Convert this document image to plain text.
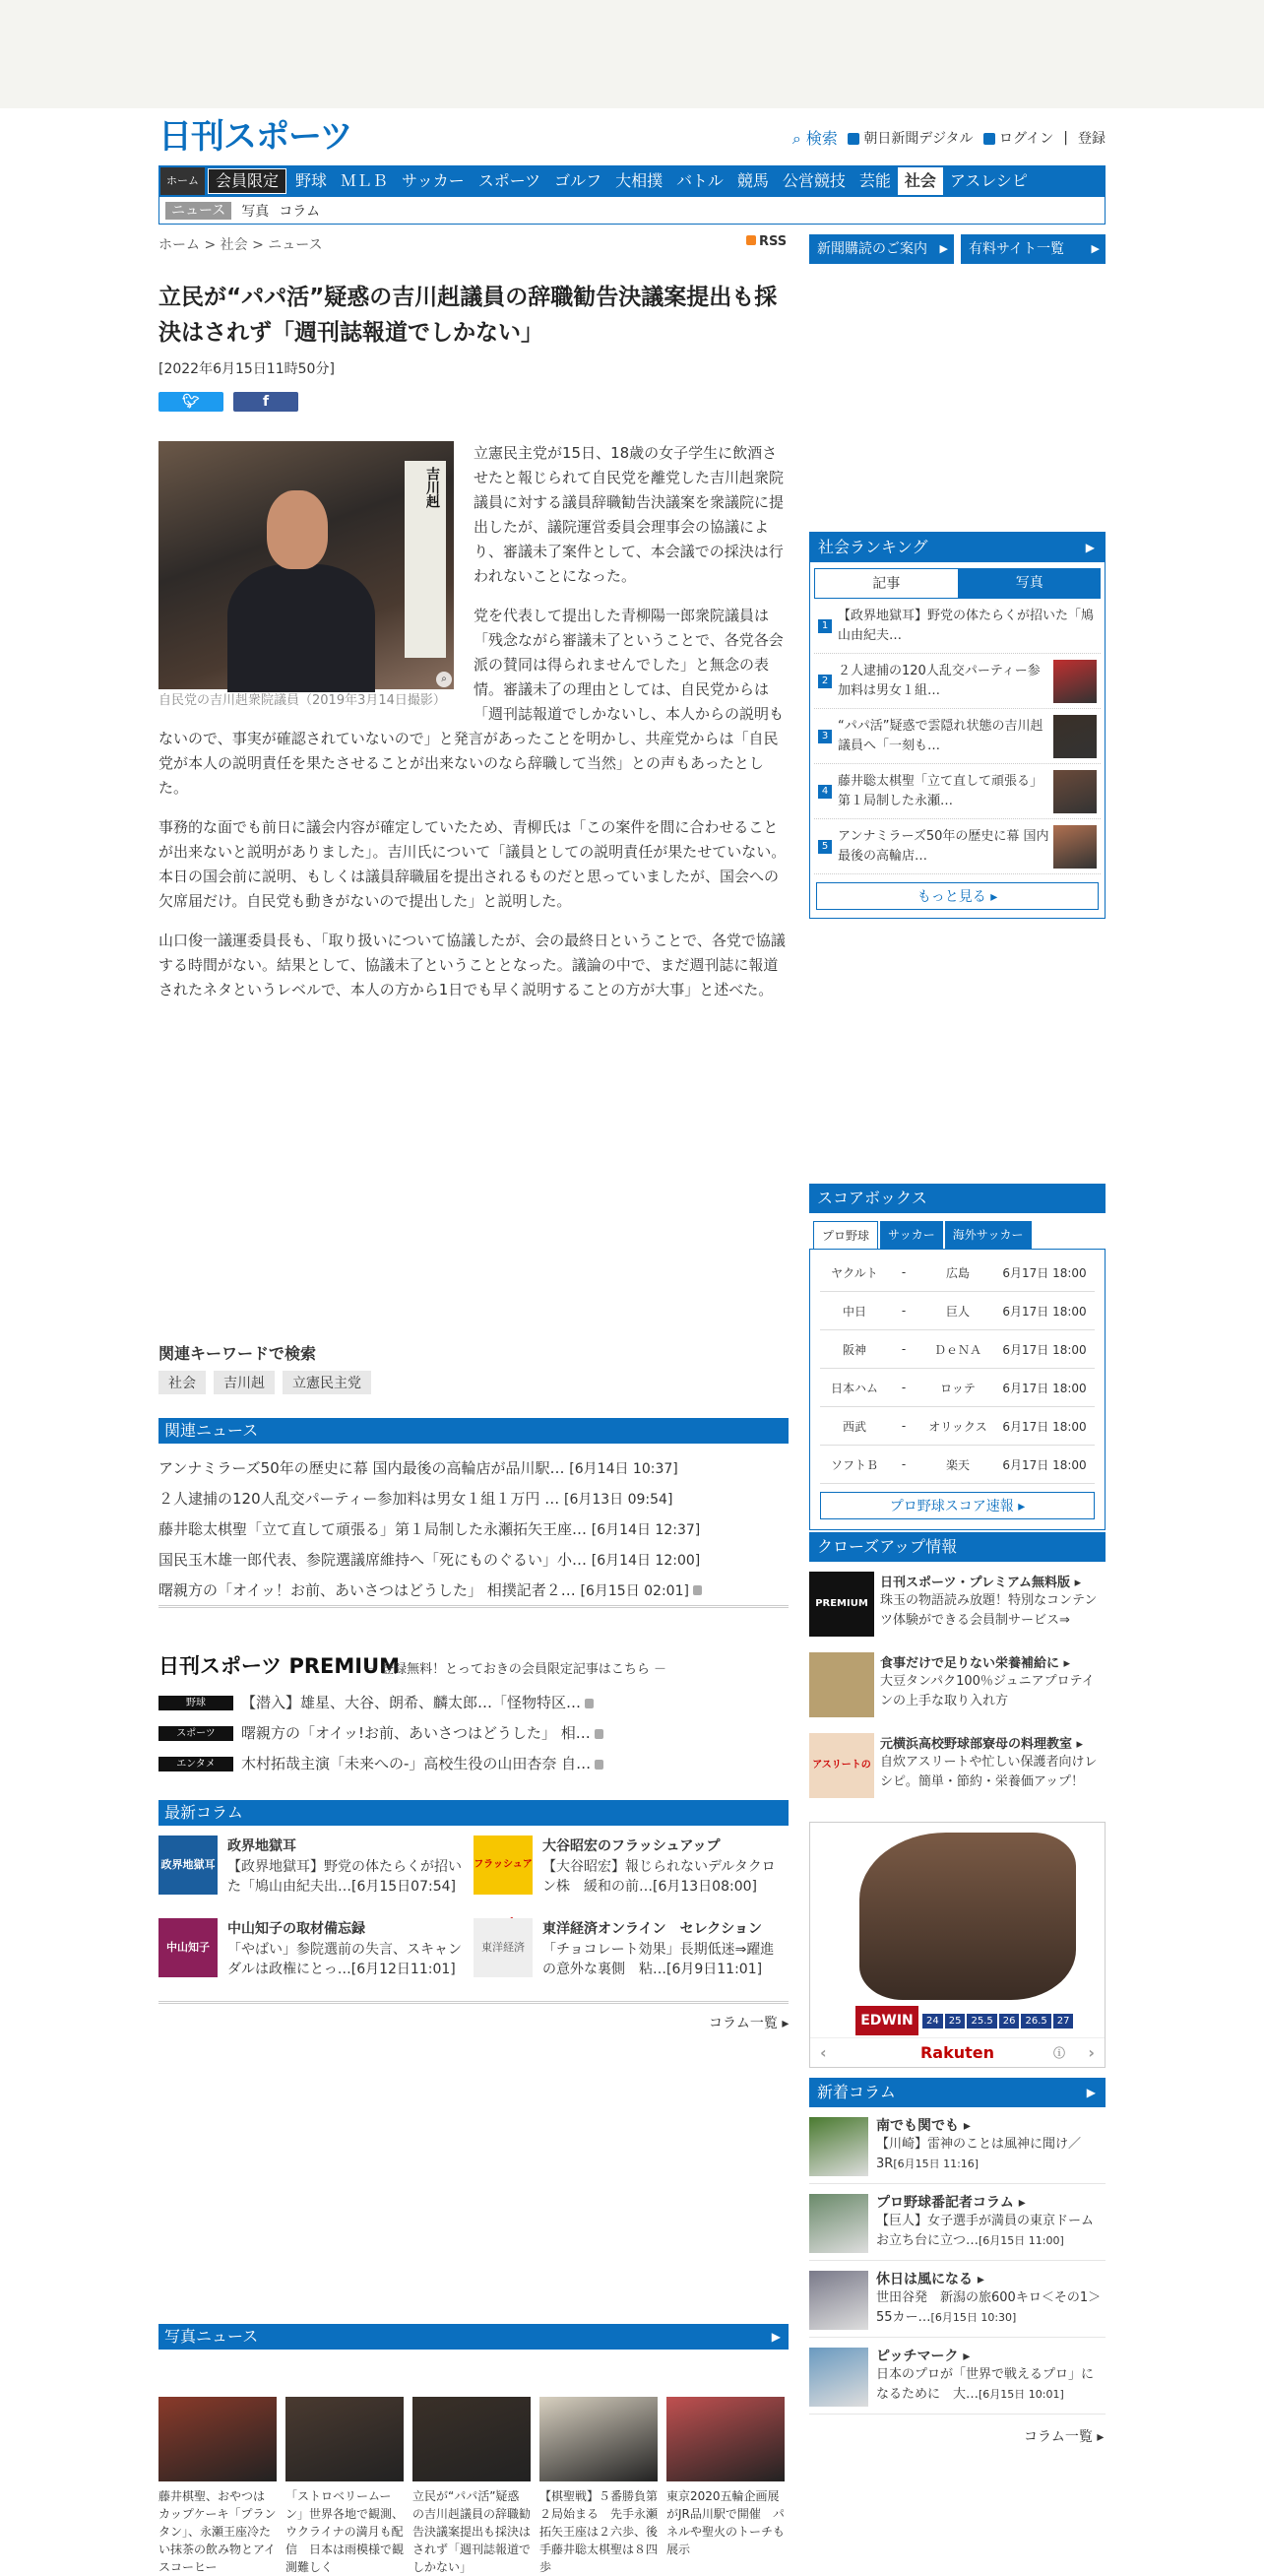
日刊スポーツ	⌕ 検索	朝日新聞デジタル	ログイン | 登録
ホーム	会員限定	野球 ＭＬＢ サッカー スポーツ ゴルフ 大相撲 バトル 競馬 公営競技 芸能 社会 アスレシピ
ニュース	写真 コラム
ホーム > 社会 > ニュース	RSS
立民が“パパ活”疑惑の吉川赳議員の辞職勧告決議案提出も採決はされず「週刊誌報道でしかない」
[2022年6月15日11時50分]
🐦︎	f
吉川赳
⌕
自民党の吉川赳衆院議員（2019年3月14日撮影）

立憲民主党が15日、18歳の女子学生に飲酒させたと報じられて自民党を離党した吉川赳衆院議員に対する議員辞職勧告決議案を衆議院に提出したが、議院運営委員会理事会の協議により、審議未了案件として、本会議での採決は行われないことになった。

党を代表して提出した青柳陽一郎衆院議員は「残念ながら審議未了ということで、各党各会派の賛同は得られませんでした」と無念の表情。審議未了の理由としては、自民党からは「週刊誌報道でしかないし、本人からの説明もないので、事実が確認されていないので」と発言があったことを明かし、共産党からは「自民党が本人の説明責任を果たさせることが出来ないのなら辞職して当然」との声もあったとした。

事務的な面でも前日に議会内容が確定していたため、青柳氏は「この案件を間に合わせることが出来ないと説明がありました」。吉川氏について「議員としての説明責任が果たせていない。本日の国会前に説明、もしくは議員辞職届を提出されるものだと思っていましたが、国会への欠席届だけ。自民党も動きがないので提出した」と説明した。

山口俊一議運委員長も、「取り扱いについて協議したが、会の最終日ということで、各党で協議する時間がない。結果として、協議未了ということとなった。議論の中で、まだ週刊誌に報道されたネタというレベルで、本人の方から1日でも早く説明することの方が大事」と述べた。

関連キーワードで検索
社会	吉川赳	立憲民主党
関連ニュース
アンナミラーズ50年の歴史に幕 国内最後の高輪店が品川駅… [6月14日 10:37]
２人逮捕の120人乱交パーティー参加料は男女１組１万円 … [6月13日 09:54]
藤井聡太棋聖「立て直して頑張る」第１局制した永瀬拓矢王座… [6月14日 12:37]
国民玉木雄一郎代表、参院選議席維持へ「死にものぐるい」小… [6月14日 12:00]
曙親方の「オイッ！お前、あいさつはどうした」 相撲記者２… [6月15日 02:01]
日刊スポーツ PREMIUM
－ 登録無料！とっておきの会員限定記事はこちら －
野球	【潜入】雄星、大谷、朗希、麟太郎…「怪物特区…
スポーツ	曙親方の「オイッ!お前、あいさつはどうした」 相…
エンタメ	木村拓哉主演「未来への-」高校生役の山田杏奈 自…
最新コラム
政界地獄耳
政界地獄耳
【政界地獄耳】野党の体たらくが招いた「鳩山由紀夫出…[6月15日07:54]
フラッシュア
大谷昭宏のフラッシュアップ
【大谷昭宏】報じられないデルタクロン株　緩和の前…[6月13日08:00]
中山知子
中山知子の取材備忘録
「やばい」参院選前の失言、スキャンダルは政権にとっ…[6月12日11:01]
東洋経済
東洋経済オンライン　セレクション
「チョコレート効果」長期低迷⇒躍進の意外な裏側　粘…[6月9日11:01]
コラム一覧 ▸
写真ニュース	▶
藤井棋聖、おやつはカップケーキ「プランタン」、永瀬王座冷たい抹茶の飲み物とアイスコーヒー
「ストロベリームーン」世界各地で観測、ウクライナの満月も配信　日本は雨模様で観測難しく
立民が“パパ活”疑惑の吉川赳議員の辞職勧告決議案提出も採決はされず「週刊誌報道でしかない」
【棋聖戦】５番勝負第２局始まる　先手永瀬拓矢王座は２六歩、後手藤井聡太棋聖は８四歩
東京2020五輪企画展がJR品川駅で開催　パネルや聖火のトーチも展示
新聞購読のご案内 ▶	有料サイト一覧	▶
社会ランキング	▶
記事	写真
1
【政界地獄耳】野党の体たらくが招いた「鳩山由紀夫…
2
２人逮捕の120人乱交パーティー参加料は男女１組…
3
“パパ活”疑惑で雲隠れ状態の吉川赳議員へ「一刻も…
4
藤井聡太棋聖「立て直して頑張る」第１局制した永瀬…
5
アンナミラーズ50年の歴史に幕 国内最後の高輪店…
もっと見る ▸
スコアボックス
プロ野球	サッカー	海外サッカー
ヤクルト	-	広島	6月17日 18:00
中日	-	巨人	6月17日 18:00
阪神	-	ＤｅＮＡ	6月17日 18:00
日本ハム	-	ロッテ	6月17日 18:00
西武	-	オリックス	6月17日 18:00
ソフトＢ	-	楽天	6月17日 18:00
プロ野球スコア速報 ▸
クローズアップ情報
PREMIUM
日刊スポーツ・プレミアム無料版 ▸
珠玉の物語読み放題！特別なコンテンツ体験ができる会員制サービス⇒
食事だけで足りない栄養補給に ▸
大豆タンパク100％ジュニアプロテインの上手な取り入れ方
アスリートの
元横浜高校野球部寮母の料理教室 ▸
自炊アスリートや忙しい保護者向けレシピ。簡単・節約・栄養価アップ！
EDWIN	24	25	25.5	26	26.5	27
‹	Rakuten	ⓘ ›
新着コラム	▶
南でも関でも ▸
【川崎】雷神のことは風神に聞け／3R[6月15日 11:16]
プロ野球番記者コラム ▸
【巨人】女子選手が満員の東京ドームお立ち台に立つ…[6月15日 11:00]
休日は風になる ▸
世田谷発　新潟の旅600キロ＜その1＞　55カー…[6月15日 10:30]
ピッチマーク ▸
日本のプロが「世界で戦えるプロ」になるために　大…[6月15日 10:01]
コラム一覧 ▸
